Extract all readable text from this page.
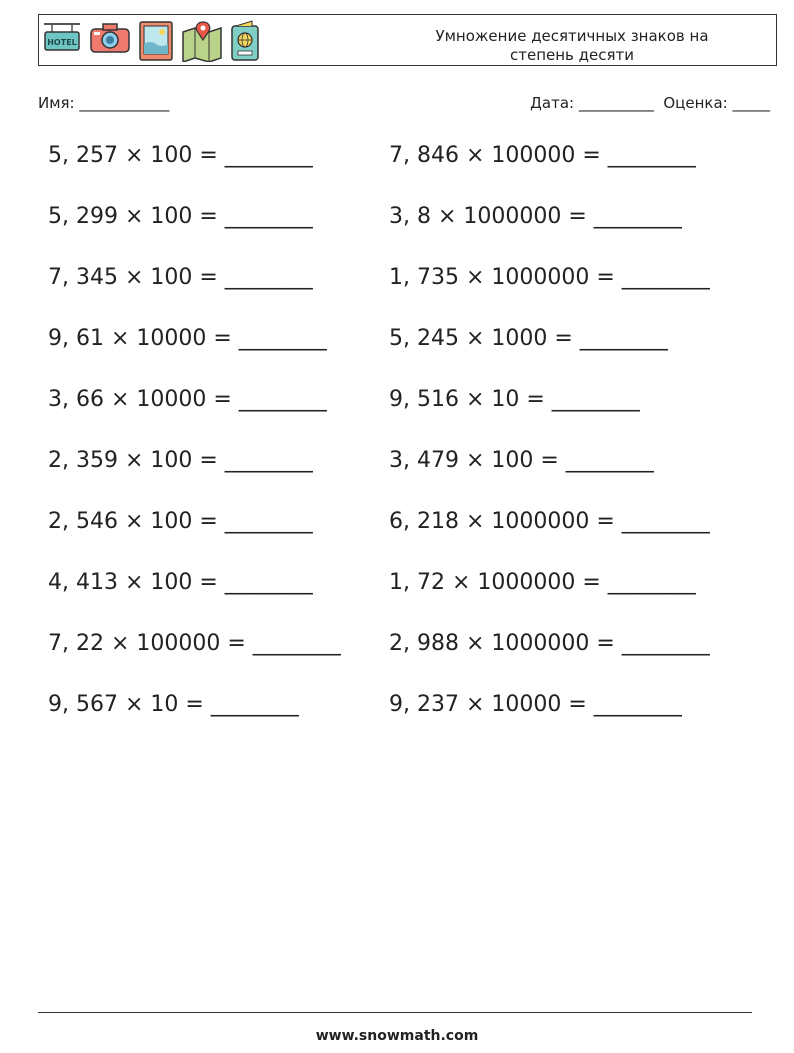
HOTEL	Умножение десятичных знаков на
степень десяти
Имя: ____________	Дата: __________  Оценка: _____
5, 257 × 100 = ________	7, 846 × 100000 = ________
5, 299 × 100 = ________	3, 8 × 1000000 = ________
7, 345 × 100 = ________	1, 735 × 1000000 = ________
9, 61 × 10000 = ________	5, 245 × 1000 = ________
3, 66 × 10000 = ________	9, 516 × 10 = ________
2, 359 × 100 = ________	3, 479 × 100 = ________
2, 546 × 100 = ________	6, 218 × 1000000 = ________
4, 413 × 100 = ________	1, 72 × 1000000 = ________
7, 22 × 100000 = ________ 2, 988 × 1000000 = ________
9, 567 × 10 = ________	9, 237 × 10000 = ________
www.snowmath.com
